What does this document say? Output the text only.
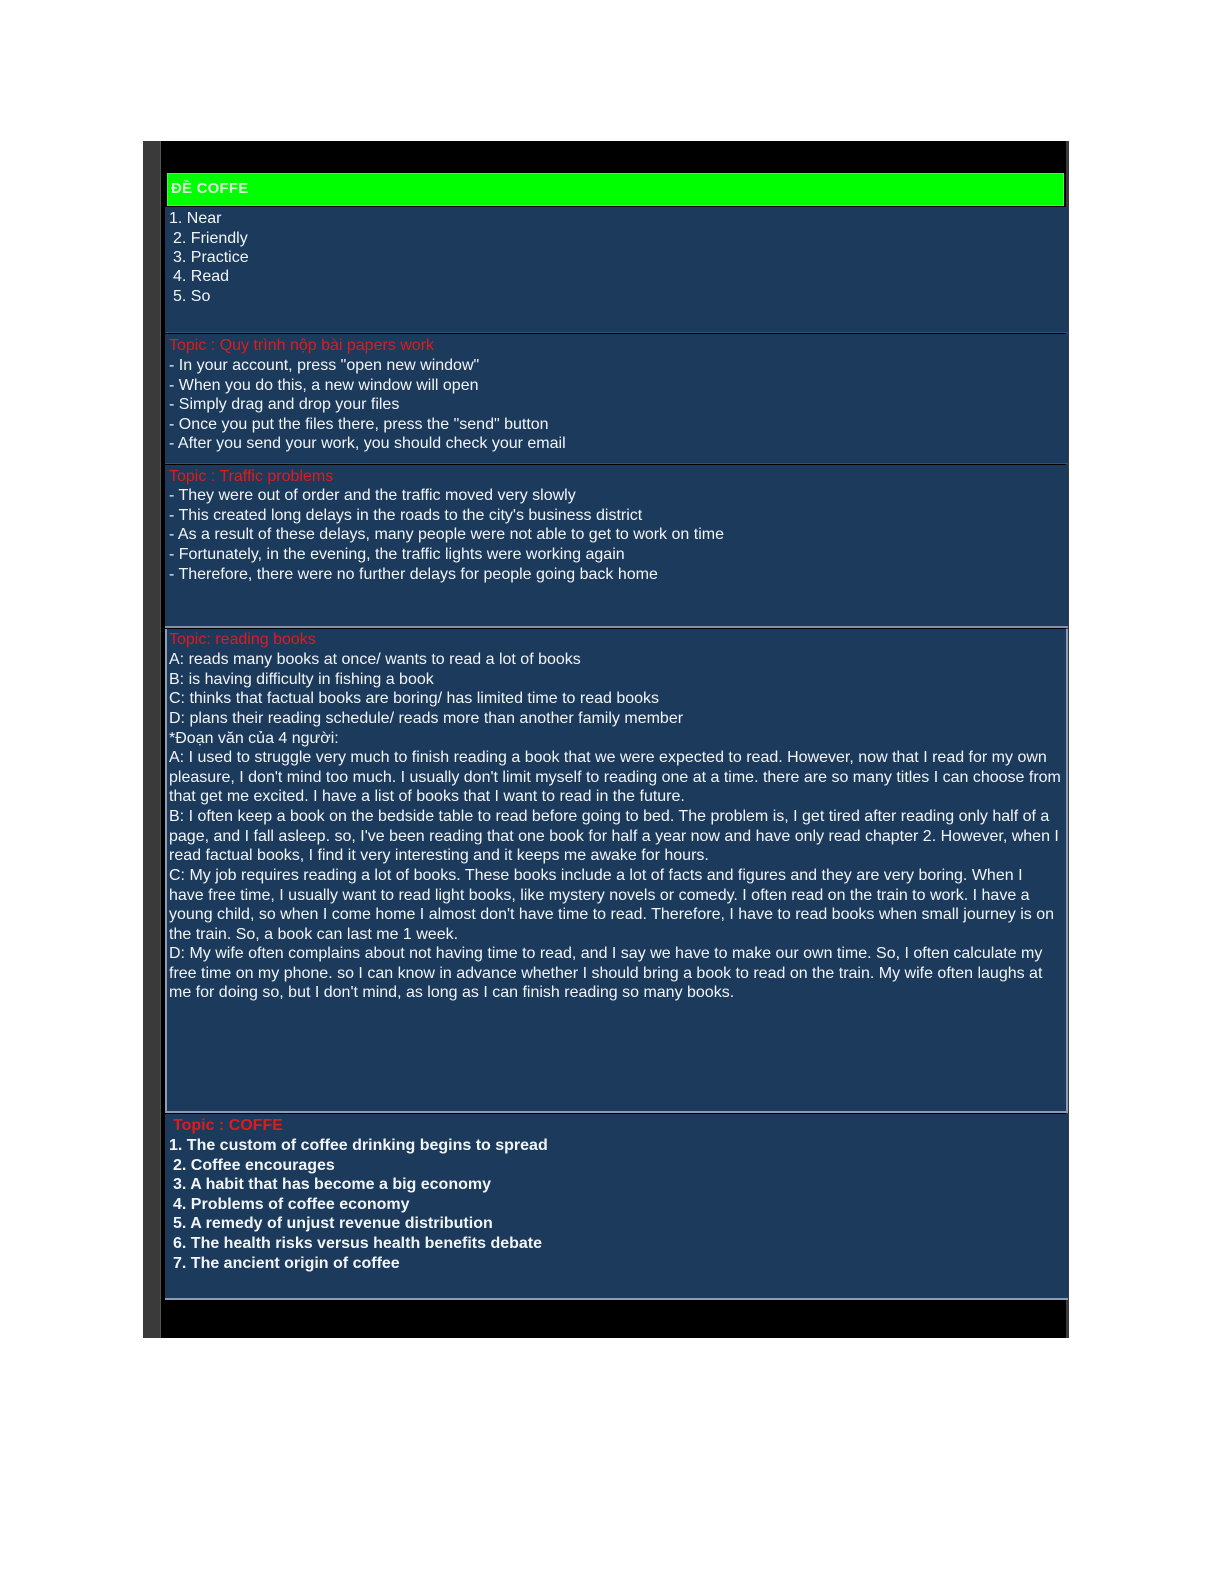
ĐỀ COFFE
1. Near
2. Friendly
3. Practice
4. Read
5. So
Topic : Quy trình nộp bài papers work
- In your account, press "open new window"
- When you do this, a new window will open
- Simply drag and drop your files
- Once you put the files there, press the "send" button
- After you send your work, you should check your email
Topic : Traffic problems
- They were out of order and the traffic moved very slowly
- This created long delays in the roads to the city's business district
- As a result of these delays, many people were not able to get to work on time
- Fortunately, in the evening, the traffic lights were working again
- Therefore, there were no further delays for people going back home
Topic: reading books
A: reads many books at once/ wants to read a lot of books
B: is having difficulty in fishing a book
C: thinks that factual books are boring/ has limited time to read books
D: plans their reading schedule/ reads more than another family member
*Đoạn văn của 4 người:
A: I used to struggle very much to finish reading a book that we were expected to read. However, now that I read for my own pleasure, I don't mind too much. I usually don't limit myself to reading one at a time. there are so many titles I can choose from that get me excited. I have a list of books that I want to read in the future.
B: I often keep a book on the bedside table to read before going to bed. The problem is, I get tired after reading only half of a page, and I fall asleep. so, I've been reading that one book for half a year now and have only read chapter 2. However, when I read factual books, I find it very interesting and it keeps me awake for hours.
C: My job requires reading a lot of books. These books include a lot of facts and figures and they are very boring. When I have free time, I usually want to read light books, like mystery novels or comedy. I often read on the train to work. I have a young child, so when I come home I almost don't have time to read. Therefore, I have to read books when small journey is on the train. So, a book can last me 1 week.
D: My wife often complains about not having time to read, and I say we have to make our own time. So, I often calculate my free time on my phone. so I can know in advance whether I should bring a book to read on the train. My wife often laughs at me for doing so, but I don't mind, as long as I can finish reading so many books.
Topic : COFFE
1. The custom of coffee drinking begins to spread
2. Coffee encourages
3. A habit that has become a big economy
4. Problems of coffee economy
5. A remedy of unjust revenue distribution
6. The health risks versus health benefits debate
7. The ancient origin of coffee
